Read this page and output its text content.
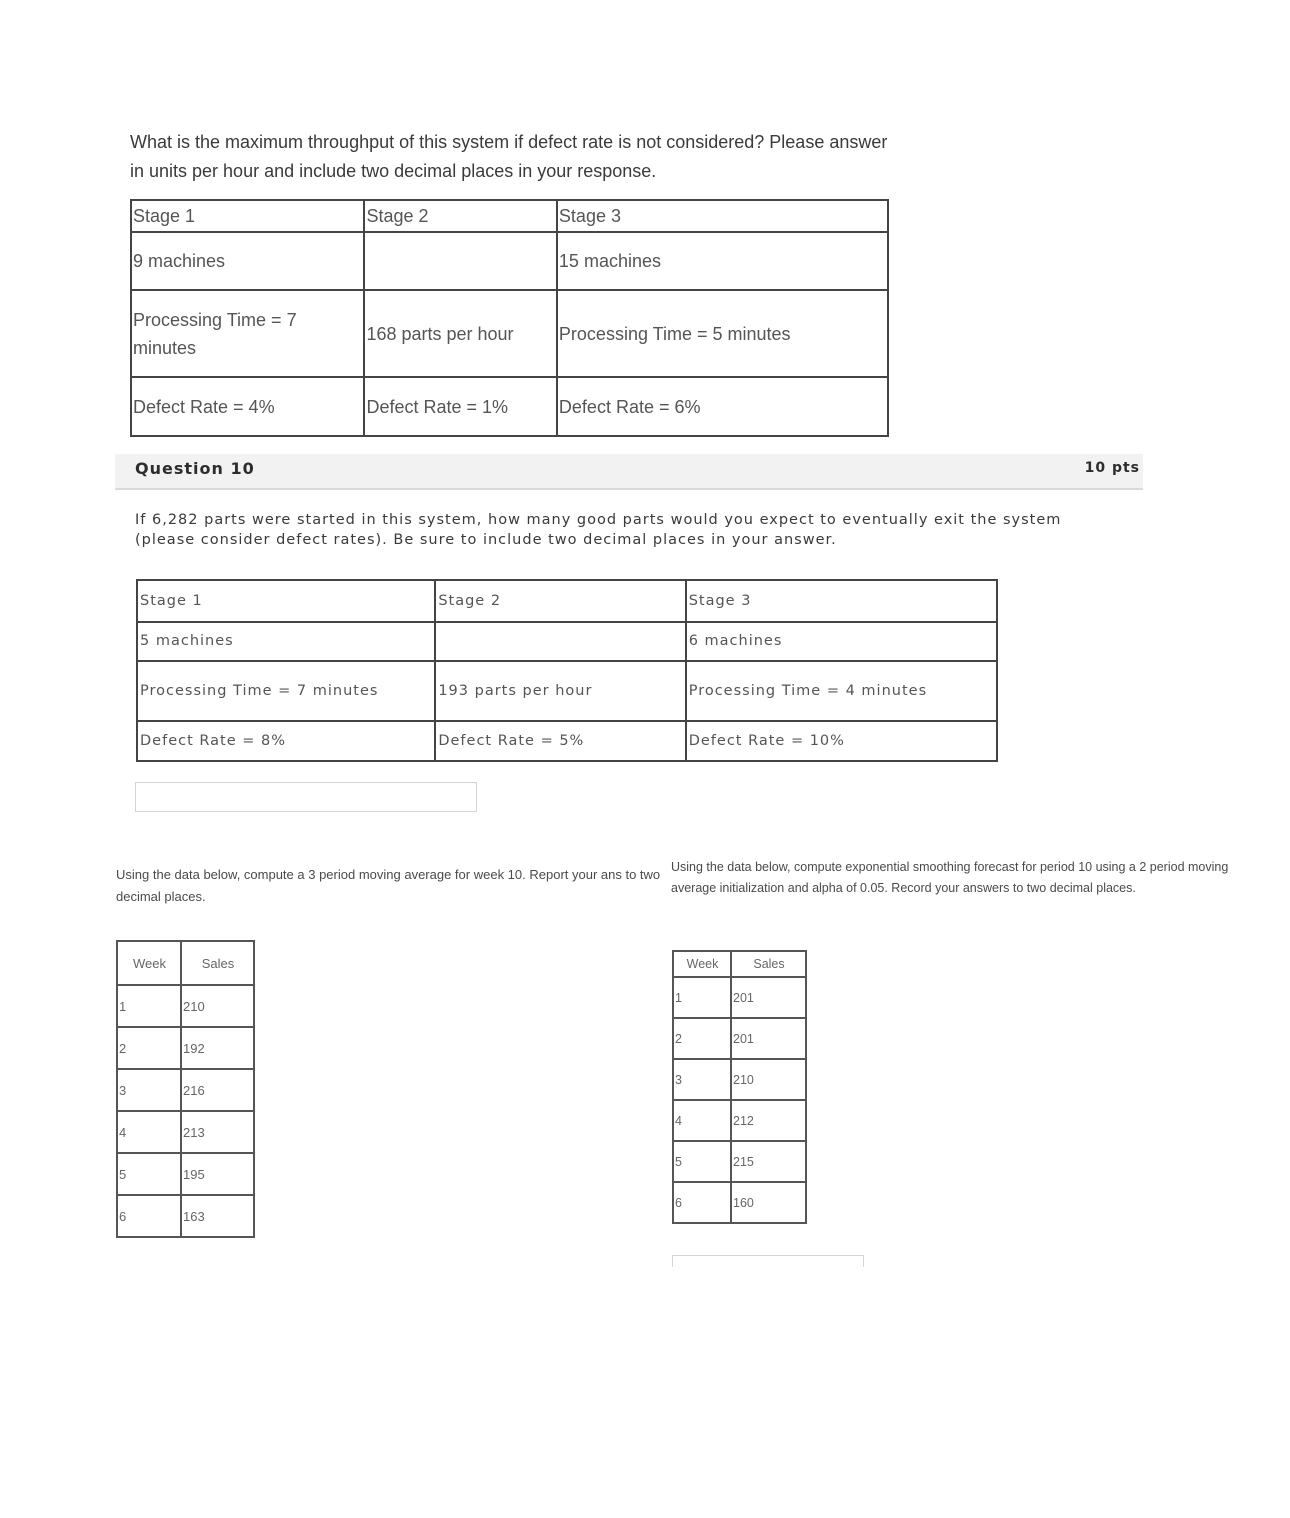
What is the maximum throughput of this system if defect rate is not considered? Please answer in units per hour and include two decimal places in your response.
Stage 1	Stage 2	Stage 3
9 machines		15 machines
Processing Time = 7 minutes	168 parts per hour	Processing Time = 5 minutes
Defect Rate = 4%	Defect Rate = 1%	Defect Rate = 6%
Question 10	10 pts
If 6,282 parts were started in this system, how many good parts would you expect to eventually exit the system (please consider defect rates). Be sure to include two decimal places in your answer.
Stage 1	Stage 2	Stage 3
5 machines		6 machines
Processing Time = 7 minutes	193 parts per hour	Processing Time = 4 minutes
Defect Rate = 8%	Defect Rate = 5%	Defect Rate = 10%
Using the data below, compute a 3 period moving average for week 10. Report your ans to two decimal places.
Week	Sales
1	210
2	192
3	216
4	213
5	195
6	163
Using the data below, compute exponential smoothing forecast for period 10 using a 2 period moving average initialization and alpha of 0.05. Record your answers to two decimal places.
Week	Sales
1	201
2	201
3	210
4	212
5	215
6	160
